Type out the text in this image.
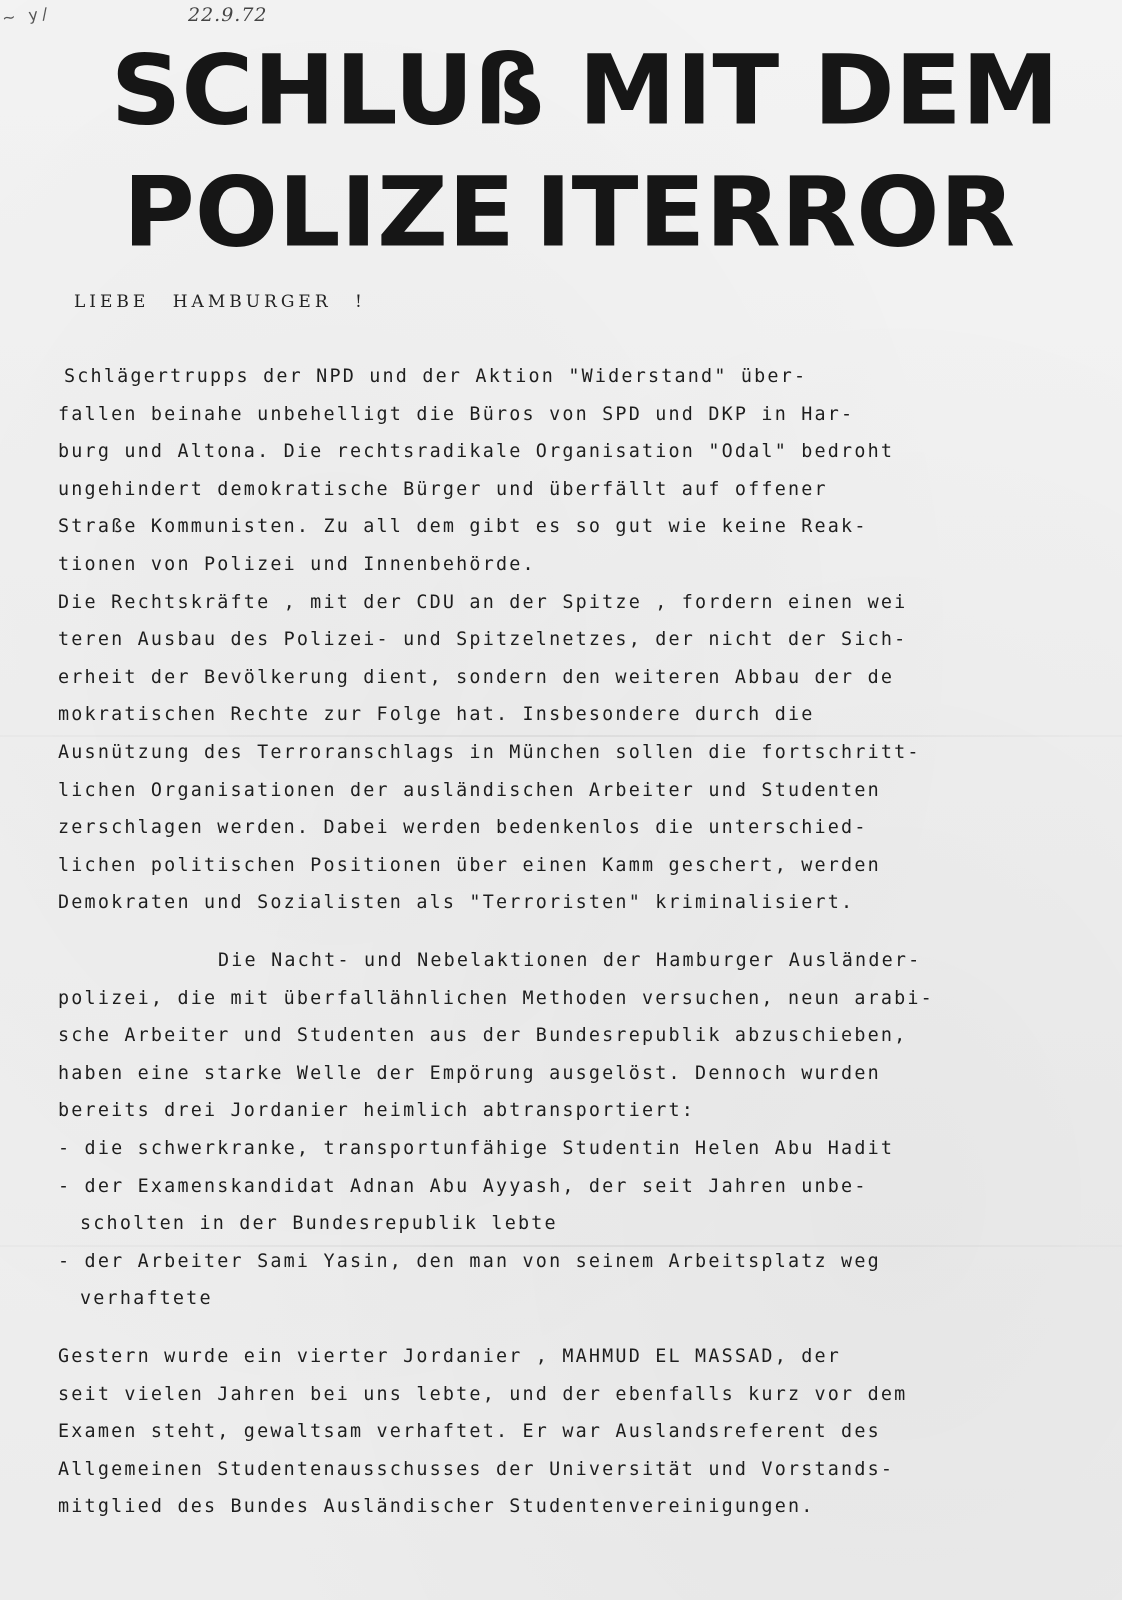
~ y/	22.9.72
SCHLUß MIT DEM
POLIZE ITERROR
LIEBE HAMBURGER !
Schlägertrupps der NPD und der Aktion "Widerstand" über-
fallen beinahe unbehelligt die Büros von SPD und DKP in Har-
burg und Altona. Die rechtsradikale Organisation "Odal" bedroht
ungehindert demokratische Bürger und überfällt auf offener
Straße Kommunisten. Zu all dem gibt es so gut wie keine Reak-
tionen von Polizei und Innenbehörde.
Die Rechtskräfte , mit der CDU an der Spitze , fordern einen wei
teren Ausbau des Polizei- und Spitzelnetzes, der nicht der Sich-
erheit der Bevölkerung dient, sondern den weiteren Abbau der de
mokratischen Rechte zur Folge hat. Insbesondere durch die
Ausnützung des Terroranschlags in München sollen die fortschritt-
lichen Organisationen der ausländischen Arbeiter und Studenten
zerschlagen werden. Dabei werden bedenkenlos die unterschied-
lichen politischen Positionen über einen Kamm geschert, werden
Demokraten und Sozialisten als "Terroristen" kriminalisiert.
Die Nacht- und Nebelaktionen der Hamburger Ausländer-
polizei, die mit überfallähnlichen Methoden versuchen, neun arabi-
sche Arbeiter und Studenten aus der Bundesrepublik abzuschieben,
haben eine starke Welle der Empörung ausgelöst. Dennoch wurden
bereits drei Jordanier heimlich abtransportiert:
- die schwerkranke, transportunfähige Studentin Helen Abu Hadit
- der Examenskandidat Adnan Abu Ayyash, der seit Jahren unbe-
scholten in der Bundesrepublik lebte
- der Arbeiter Sami Yasin, den man von seinem Arbeitsplatz weg
verhaftete
Gestern wurde ein vierter Jordanier , MAHMUD EL MASSAD, der
seit vielen Jahren bei uns lebte, und der ebenfalls kurz vor dem
Examen steht, gewaltsam verhaftet. Er war Auslandsreferent des
Allgemeinen Studentenausschusses der Universität und Vorstands-
mitglied des Bundes Ausländischer Studentenvereinigungen.
